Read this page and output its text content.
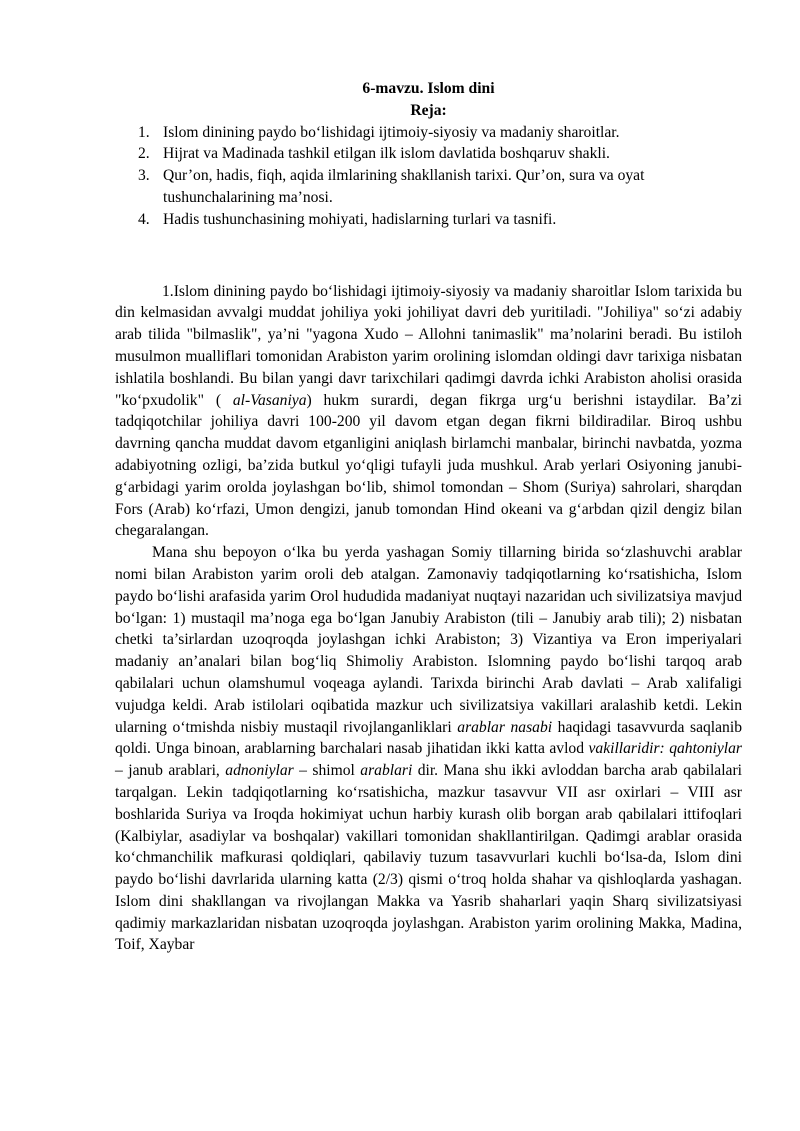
6-mavzu. Islom dini

Reja:

1. Islom dinining paydo bo‘lishidagi ijtimoiy-siyosiy va madaniy sharoitlar.
2. Hijrat va Madinada tashkil etilgan ilk islom davlatida boshqaruv shakli.
3. Qur’on, hadis, fiqh, aqida ilmlarining shakllanish tarixi. Qur’on, sura va oyat tushunchalarining ma’nosi.
4. Hadis tushunchasining mohiyati, hadislarning turlari va tasnifi.

1.Islom dinining paydo bo‘lishidagi ijtimoiy-siyosiy va madaniy sharoitlar Islom tarixida bu din kelmasidan avvalgi muddat johiliya yoki johiliyat davri deb yuritiladi. "Johiliya" so‘zi adabiy arab tilida "bilmaslik", ya’ni "yagona Xudo – Allohni tanimaslik" ma’nolarini beradi. Bu istiloh musulmon mualliflari tomonidan Arabiston yarim orolining islomdan oldingi davr tarixiga nisbatan ishlatila boshlandi. Bu bilan yangi davr tarixchilari qadimgi davrda ichki Arabiston aholisi orasida "ko‘pxudolik" ( al-Vasaniya) hukm surardi, degan fikrga urg‘u berishni istaydilar. Ba’zi tadqiqotchilar johiliya davri 100-200 yil davom etgan degan fikrni bildiradilar. Biroq ushbu davrning qancha muddat davom etganligini aniqlash birlamchi manbalar, birinchi navbatda, yozma adabiyotning ozligi, ba’zida butkul yo‘qligi tufayli juda mushkul. Arab yerlari Osiyoning janubi-g‘arbidagi yarim orolda joylashgan bo‘lib, shimol tomondan – Shom (Suriya) sahrolari, sharqdan Fors (Arab) ko‘rfazi, Umon dengizi, janub tomondan Hind okeani va g‘arbdan qizil dengiz bilan chegaralangan.

Mana shu bepoyon o‘lka bu yerda yashagan Somiy tillarning birida so‘zlashuvchi arablar nomi bilan Arabiston yarim oroli deb atalgan. Zamonaviy tadqiqotlarning ko‘rsatishicha, Islom paydo bo‘lishi arafasida yarim Orol hududida madaniyat nuqtayi nazaridan uch sivilizatsiya mavjud bo‘lgan: 1) mustaqil ma’noga ega bo‘lgan Janubiy Arabiston (tili – Janubiy arab tili); 2) nisbatan chetki ta’sirlardan uzoqroqda joylashgan ichki Arabiston; 3) Vizantiya va Eron imperiyalari madaniy an’analari bilan bog‘liq Shimoliy Arabiston. Islomning paydo bo‘lishi tarqoq arab qabilalari uchun olamshumul voqeaga aylandi. Tarixda birinchi Arab davlati – Arab xalifaligi vujudga keldi. Arab istilolari oqibatida mazkur uch sivilizatsiya vakillari aralashib ketdi. Lekin ularning o‘tmishda nisbiy mustaqil rivojlanganliklari arablar nasabi haqidagi tasavvurda saqlanib qoldi. Unga binoan, arablarning barchalari nasab jihatidan ikki katta avlod vakillaridir: qahtoniylar – janub arablari, adnoniylar – shimol arablari dir. Mana shu ikki avloddan barcha arab qabilalari tarqalgan. Lekin tadqiqotlarning ko‘rsatishicha, mazkur tasavvur VII asr oxirlari – VIII asr boshlarida Suriya va Iroqda hokimiyat uchun harbiy kurash olib borgan arab qabilalari ittifoqlari (Kalbiylar, asadiylar va boshqalar) vakillari tomonidan shakllantirilgan. Qadimgi arablar orasida ko‘chmanchilik mafkurasi qoldiqlari, qabilaviy tuzum tasavvurlari kuchli bo‘lsa-da, Islom dini paydo bo‘lishi davrlarida ularning katta (2/3) qismi o‘troq holda shahar va qishloqlarda yashagan. Islom dini shakllangan va rivojlangan Makka va Yasrib shaharlari yaqin Sharq sivilizatsiyasi qadimiy markazlaridan nisbatan uzoqroqda joylashgan. Arabiston yarim orolining Makka, Madina, Toif, Xaybar
